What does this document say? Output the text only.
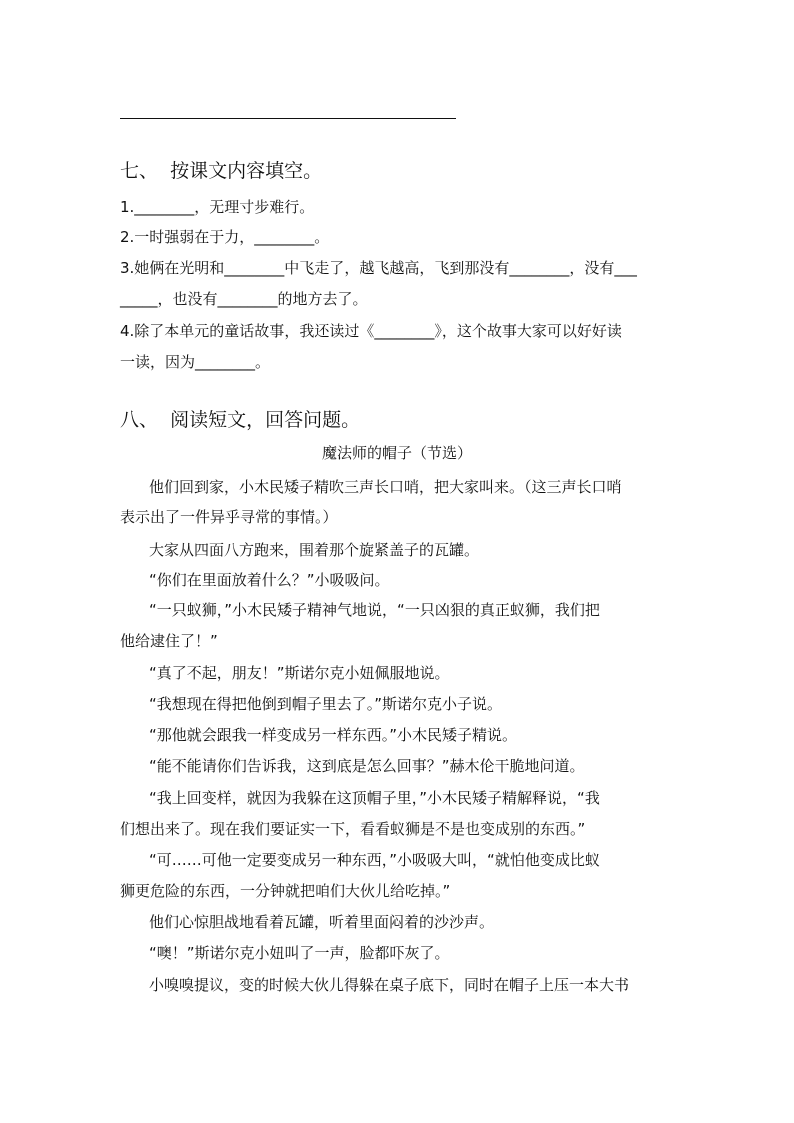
七、  按课文内容填空。
1.________，无理寸步难行。
2.一时强弱在于力，________。
3.她俩在光明和________中飞走了，越飞越高，飞到那没有________，没有___
_____，也没有________的地方去了。
4.除了本单元的童话故事，我还读过《________》，这个故事大家可以好好读
一读，因为________。
八、  阅读短文，回答问题。
魔法师的帽子（节选）
他们回到家，小木民矮子精吹三声长口哨，把大家叫来。（这三声长口哨
表示出了一件异乎寻常的事情。）
大家从四面八方跑来，围着那个旋紧盖子的瓦罐。
“你们在里面放着什么？”小吸吸问。
“一只蚁狮，”小木民矮子精神气地说，“一只凶狠的真正蚁狮，我们把
他给逮住了！”
“真了不起，朋友！”斯诺尔克小妞佩服地说。
“我想现在得把他倒到帽子里去了。”斯诺尔克小子说。
“那他就会跟我一样变成另一样东西。”小木民矮子精说。
“能不能请你们告诉我，这到底是怎么回事？”赫木伦干脆地问道。
“我上回变样，就因为我躲在这顶帽子里，”小木民矮子精解释说，“我
们想出来了。现在我们要证实一下，看看蚁狮是不是也变成别的东西。”
“可……可他一定要变成另一种东西，”小吸吸大叫，“就怕他变成比蚁
狮更危险的东西，一分钟就把咱们大伙儿给吃掉。”
他们心惊胆战地看着瓦罐，听着里面闷着的沙沙声。
“噢！”斯诺尔克小妞叫了一声，脸都吓灰了。
小嗅嗅提议，变的时候大伙儿得躲在桌子底下，同时在帽子上压一本大书
